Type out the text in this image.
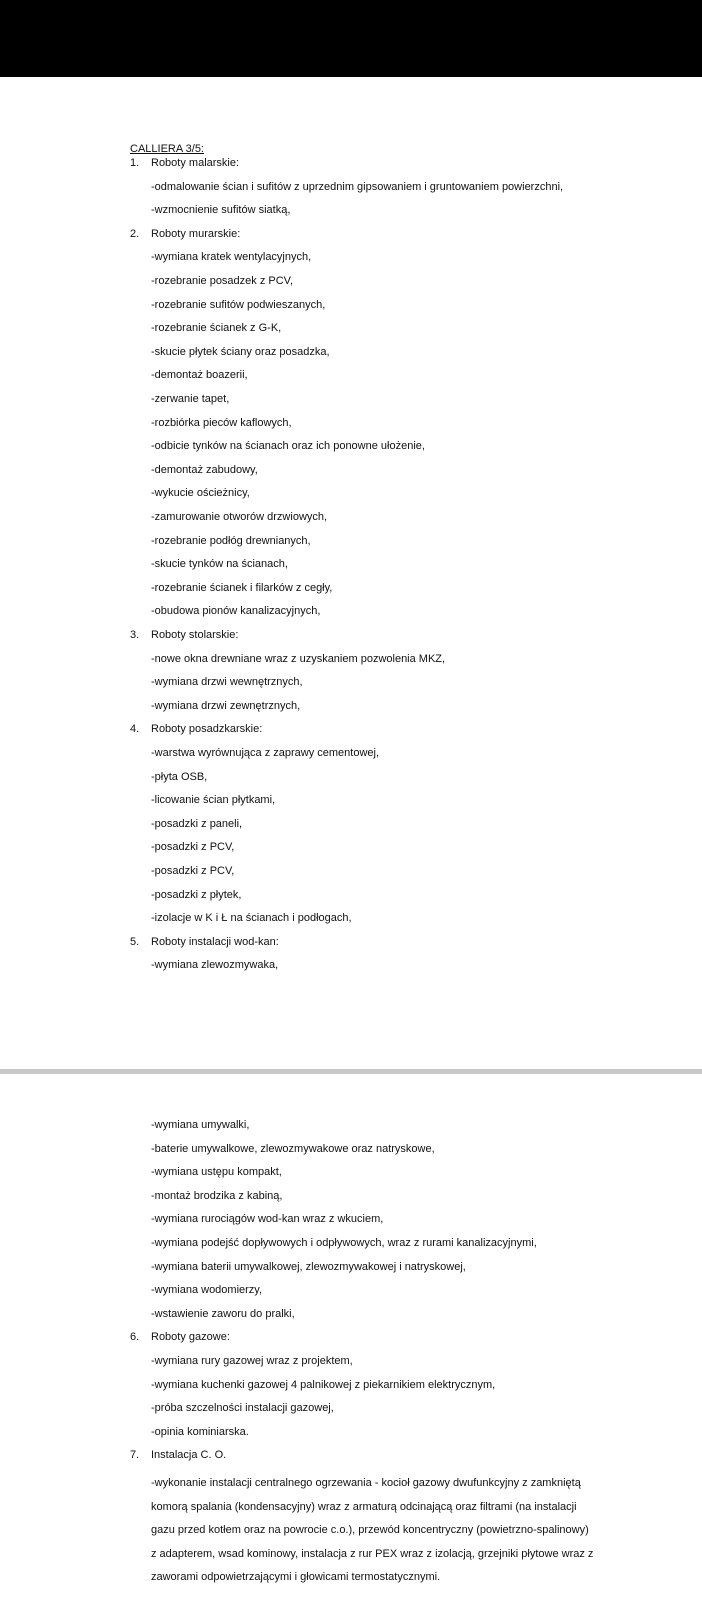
CALLIERA 3/5:
1. Roboty malarskie:
-odmalowanie ścian i sufitów z uprzednim gipsowaniem i gruntowaniem powierzchni,
-wzmocnienie sufitów siatką,
2. Roboty murarskie:
-wymiana kratek wentylacyjnych,
-rozebranie posadzek z PCV,
-rozebranie sufitów podwieszanych,
-rozebranie ścianek z G-K,
-skucie płytek ściany oraz posadzka,
-demontaż boazerii,
-zerwanie tapet,
-rozbiórka pieców kaflowych,
-odbicie tynków na ścianach oraz ich ponowne ułożenie,
-demontaż zabudowy,
-wykucie ościeżnicy,
-zamurowanie otworów drzwiowych,
-rozebranie podłóg drewnianych,
-skucie tynków na ścianach,
-rozebranie ścianek i filarków z cegły,
-obudowa pionów kanalizacyjnych,
3. Roboty stolarskie:
-nowe okna drewniane wraz z uzyskaniem pozwolenia MKZ,
-wymiana drzwi wewnętrznych,
-wymiana drzwi zewnętrznych,
4. Roboty posadzkarskie:
-warstwa wyrównująca z zaprawy cementowej,
-płyta OSB,
-licowanie ścian płytkami,
-posadzki z paneli,
-posadzki z PCV,
-posadzki z PCV,
-posadzki z płytek,
-izolacje w K i Ł na ścianach i podłogach,
5. Roboty instalacji wod-kan:
-wymiana zlewozmywaka,
-wymiana umywalki,
-baterie umywalkowe, zlewozmywakowe oraz natryskowe,
-wymiana ustępu kompakt,
-montaż brodzika z kabiną,
-wymiana rurociągów wod-kan wraz z wkuciem,
-wymiana podejść dopływowych i odpływowych, wraz z rurami kanalizacyjnymi,
-wymiana baterii umywalkowej, zlewozmywakowej i natryskowej,
-wymiana wodomierzy,
-wstawienie zaworu do pralki,
6. Roboty gazowe:
-wymiana rury gazowej wraz z projektem,
-wymiana kuchenki gazowej 4 palnikowej z piekarnikiem elektrycznym,
-próba szczelności instalacji gazowej,
-opinia kominiarska.
7. Instalacja C. O.
-wykonanie instalacji centralnego ogrzewania - kocioł gazowy dwufunkcyjny z zamkniętą
komorą spalania (kondensacyjny) wraz z armaturą odcinającą oraz filtrami (na instalacji
gazu przed kotłem oraz na powrocie c.o.), przewód koncentryczny (powietrzno-spalinowy)
z adapterem, wsad kominowy, instalacja z rur PEX wraz z izolacją, grzejniki płytowe wraz z
zaworami odpowietrzającymi i głowicami termostatycznymi.
